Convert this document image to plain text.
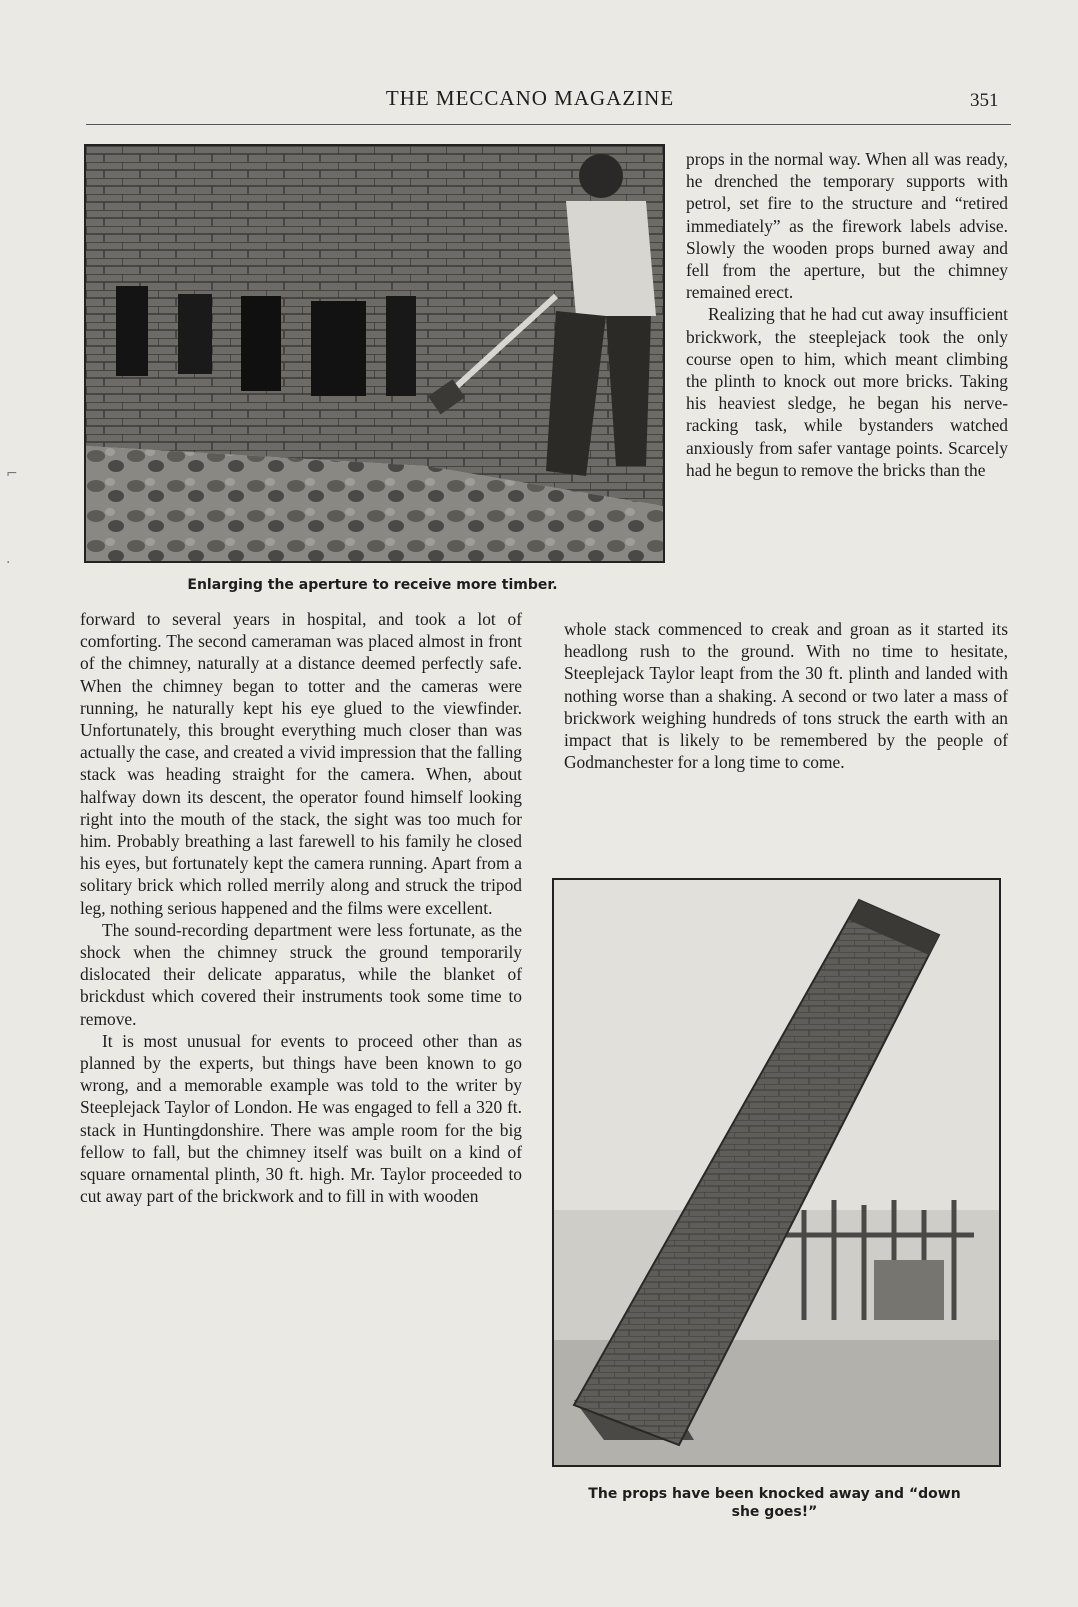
THE MECCANO MAGAZINE	351
Enlarging the aperture to receive more timber.

props in the normal way. When all was ready, he drenched the temporary supports with petrol, set fire to the structure and “retired immediately” as the firework labels advise. Slowly the wooden props burned away and fell from the aperture, but the chimney remained erect.

Realizing that he had cut away insufficient brickwork, the steeplejack took the only course open to him, which meant climbing the plinth to knock out more bricks. Taking his heaviest sledge, he began his nerve-racking task, while bystanders watched anxiously from safer vantage points. Scarcely had he begun to remove the bricks than the

whole stack commenced to creak and groan as it started its headlong rush to the ground. With no time to hesitate, Steeplejack Taylor leapt from the 30 ft. plinth and landed with nothing worse than a shaking. A second or two later a mass of brickwork weighing hundreds of tons struck the earth with an impact that is likely to be remembered by the people of Godmanchester for a long time to come.

The props have been knocked away and “down
she goes!”

forward to several years in hospital, and took a lot of comforting. The second cameraman was placed almost in front of the chimney, naturally at a distance deemed perfectly safe. When the chimney began to totter and the cameras were running, he naturally kept his eye glued to the viewfinder. Unfortunately, this brought everything much closer than was actually the case, and created a vivid impression that the falling stack was heading straight for the camera. When, about halfway down its descent, the operator found himself looking right into the mouth of the stack, the sight was too much for him. Probably breathing a last farewell to his family he closed his eyes, but fortunately kept the camera running. Apart from a solitary brick which rolled merrily along and struck the tripod leg, nothing serious happened and the films were excellent.

The sound-recording department were less fortunate, as the shock when the chimney struck the ground temporarily dislocated their delicate apparatus, while the blanket of brickdust which covered their instruments took some time to remove.

It is most unusual for events to proceed other than as planned by the experts, but things have been known to go wrong, and a memorable example was told to the writer by Steeplejack Taylor of London. He was engaged to fell a 320 ft. stack in Huntingdonshire. There was ample room for the big fellow to fall, but the chimney itself was built on a kind of square ornamental plinth, 30 ft. high. Mr. Taylor proceeded to cut away part of the brickwork and to fill in with wooden

⌐
·
